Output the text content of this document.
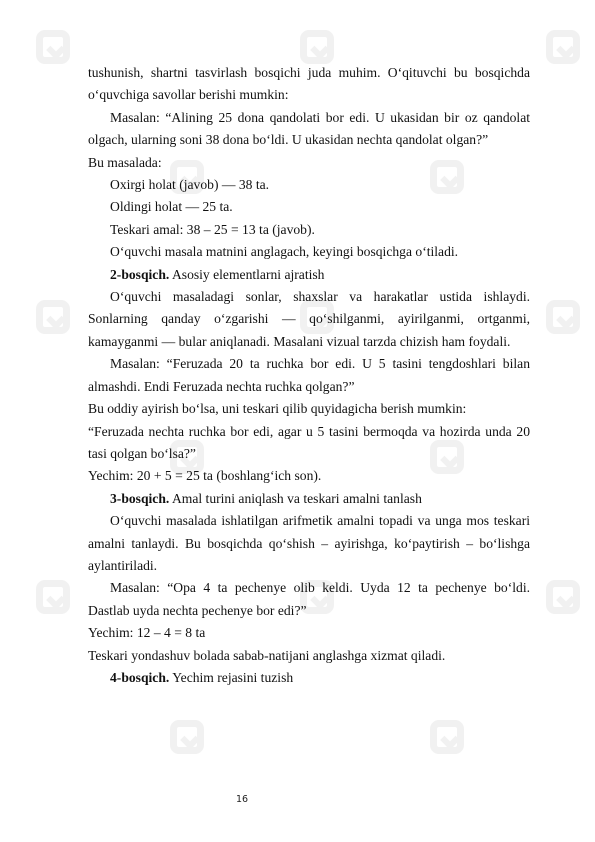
tushunish, shartni tasvirlash bosqichi juda muhim. O‘qituvchi bu bosqichda o‘quvchiga savollar berishi mumkin:

Masalan: “Alining 25 dona qandolati bor edi. U ukasidan bir oz qandolat olgach, ularning soni 38 dona bo‘ldi. U ukasidan nechta qandolat olgan?”

Bu masalada:

Oxirgi holat (javob) — 38 ta.

Oldingi holat — 25 ta.

Teskari amal: 38 – 25 = 13 ta (javob).

O‘quvchi masala matnini anglagach, keyingi bosqichga o‘tiladi.

2-bosqich. Asosiy elementlarni ajratish

O‘quvchi masaladagi sonlar, shaxslar va harakatlar ustida ishlaydi. Sonlarning qanday o‘zgarishi — qo‘shilganmi, ayirilganmi, ortganmi, kamayganmi — bular aniqlanadi. Masalani vizual tarzda chizish ham foydali.

Masalan: “Feruzada 20 ta ruchka bor edi. U 5 tasini tengdoshlari bilan almashdi. Endi Feruzada nechta ruchka qolgan?”

Bu oddiy ayirish bo‘lsa, uni teskari qilib quyidagicha berish mumkin:

“Feruzada nechta ruchka bor edi, agar u 5 tasini bermoqda va hozirda unda 20 tasi qolgan bo‘lsa?”

Yechim: 20 + 5 = 25 ta (boshlang‘ich son).

3-bosqich. Amal turini aniqlash va teskari amalni tanlash

O‘quvchi masalada ishlatilgan arifmetik amalni topadi va unga mos teskari amalni tanlaydi. Bu bosqichda qo‘shish – ayirishga, ko‘paytirish – bo‘lishga aylantiriladi.

Masalan: “Opa 4 ta pechenye olib keldi. Uyda 12 ta pechenye bo‘ldi. Dastlab uyda nechta pechenye bor edi?”

Yechim: 12 – 4 = 8 ta

Teskari yondashuv bolada sabab-natijani anglashga xizmat qiladi.

4-bosqich. Yechim rejasini tuzish

16
